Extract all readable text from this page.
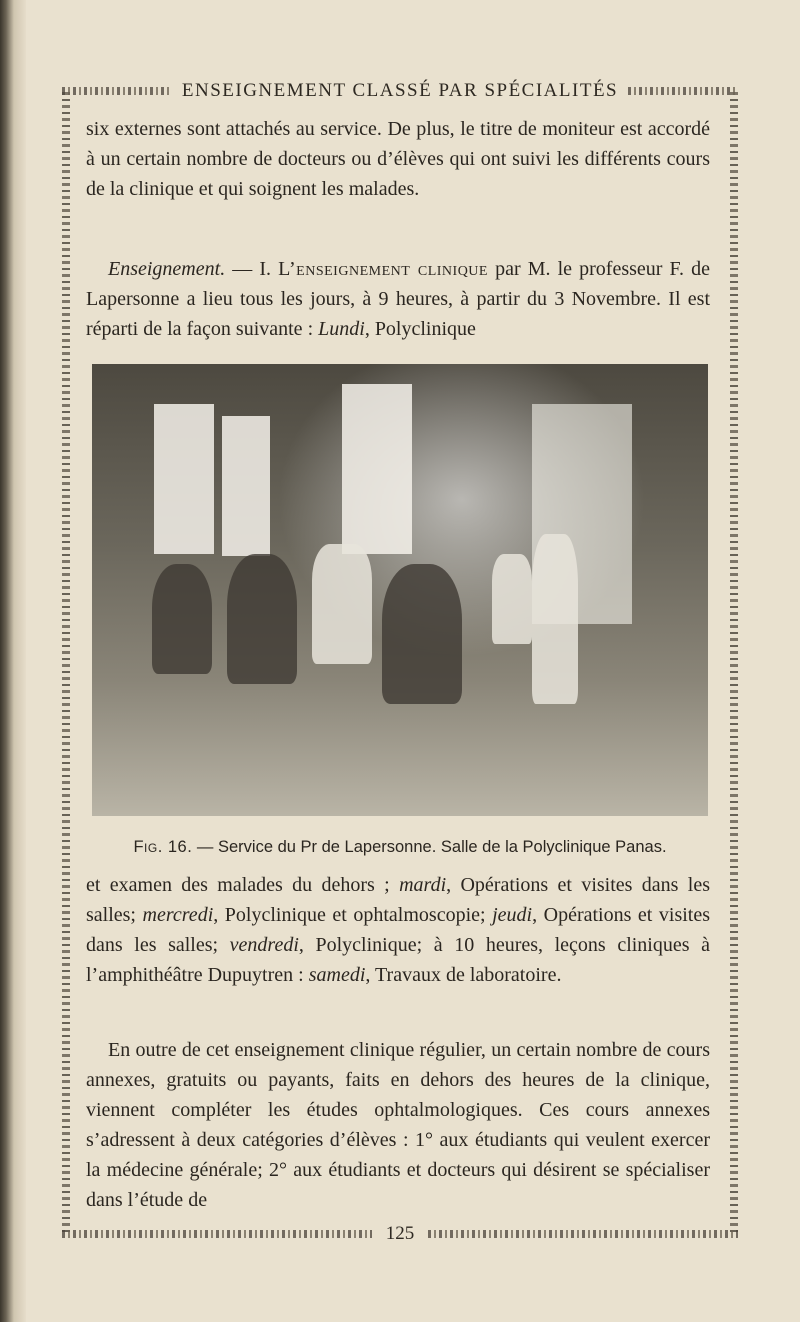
ENSEIGNEMENT CLASSÉ PAR SPÉCIALITÉS

six externes sont attachés au service. De plus, le titre de moniteur est accordé à un certain nombre de docteurs ou d’élèves qui ont suivi les différents cours de la clinique et qui soignent les malades.

Enseignement. — I. L’enseignement clinique par M. le professeur F. de Lapersonne a lieu tous les jours, à 9 heures, à partir du 3 Novembre. Il est réparti de la façon suivante : Lundi, Polyclinique

Fig. 16. — Service du Pr de Lapersonne. Salle de la Polyclinique Panas.

et examen des malades du dehors ; mardi, Opérations et visites dans les salles; mercredi, Polyclinique et ophtalmoscopie; jeudi, Opérations et visites dans les salles; vendredi, Polyclinique; à 10 heures, leçons cliniques à l’amphithéâtre Dupuytren : samedi, Travaux de laboratoire.

En outre de cet enseignement clinique régulier, un certain nombre de cours annexes, gratuits ou payants, faits en dehors des heures de la clinique, viennent compléter les études ophtalmologiques. Ces cours annexes s’adressent à deux catégories d’élèves : 1° aux étudiants qui veulent exercer la médecine générale; 2° aux étudiants et docteurs qui désirent se spécialiser dans l’étude de

125
